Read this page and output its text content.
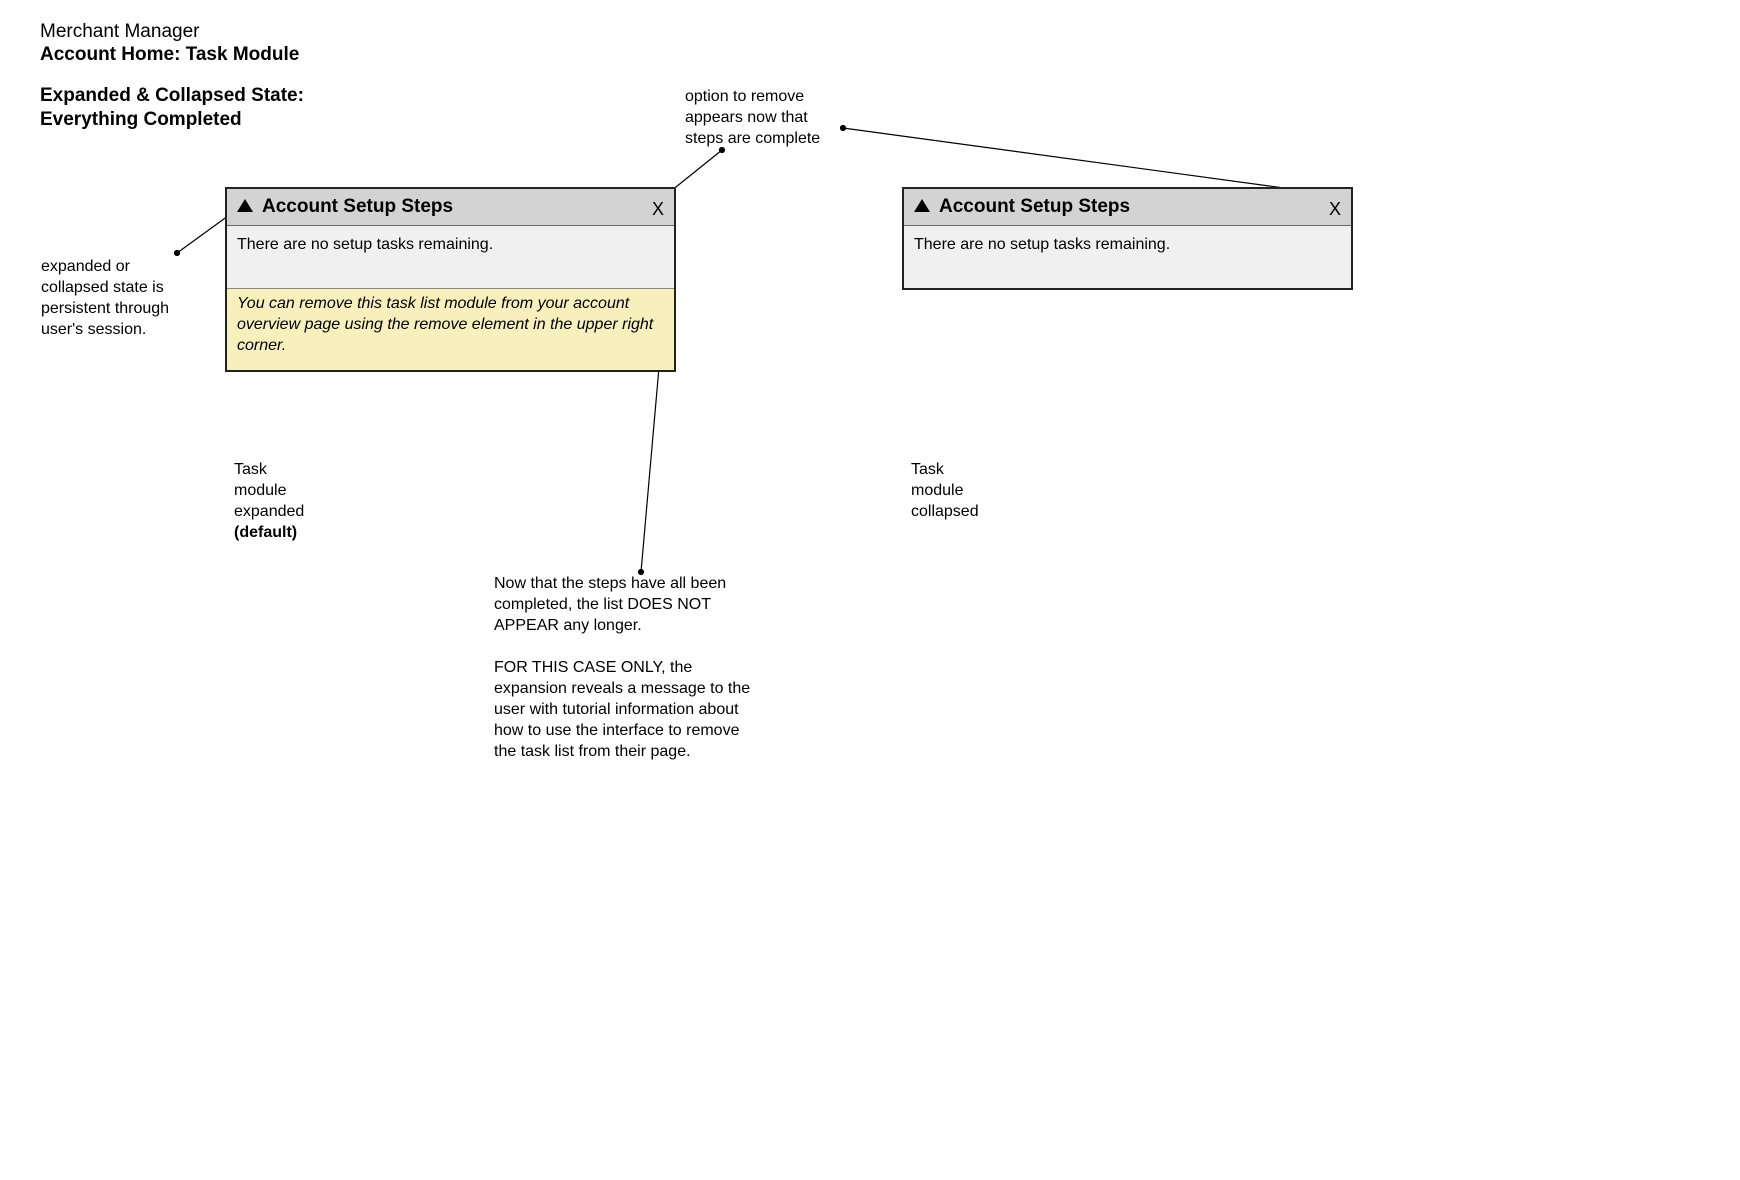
Merchant Manager
Account Home: Task Module
Expanded & Collapsed State:
Everything Completed
Account Setup Steps	X
There are no setup tasks remaining.
You can remove this task list module from your account overview page using the remove element in the upper right corner.
Account Setup Steps	X
There are no setup tasks remaining.
option to remove
appears now that
steps are complete
expanded or
collapsed state is
persistent through
user's session.
Task
module
expanded
(default)
Task
module
collapsed
Now that the steps have all been
completed, the list DOES NOT
APPEAR any longer.

FOR THIS CASE ONLY, the
expansion reveals a message to the
user with tutorial information about
how to use the interface to remove
the task list from their page.
